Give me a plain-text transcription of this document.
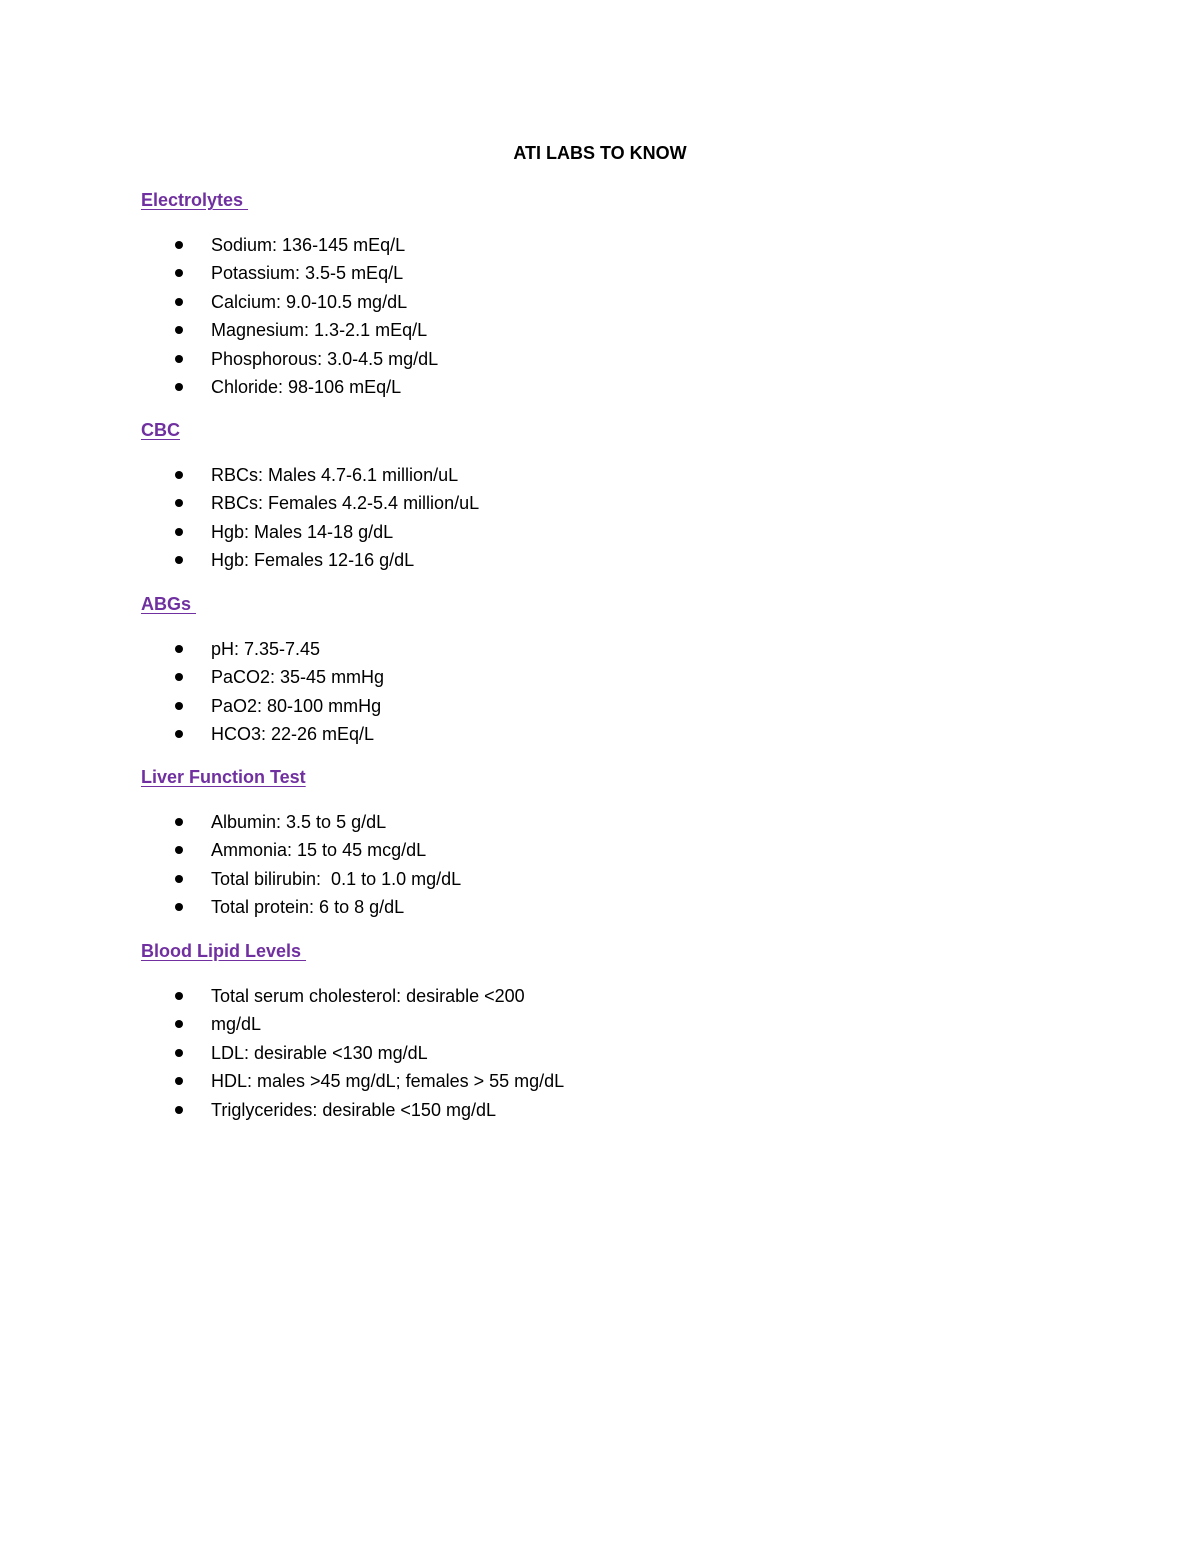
ATI LABS TO KNOW
Electrolytes
Sodium: 136-145 mEq/L
Potassium: 3.5-5 mEq/L
Calcium: 9.0-10.5 mg/dL
Magnesium: 1.3-2.1 mEq/L
Phosphorous: 3.0-4.5 mg/dL
Chloride: 98-106 mEq/L
CBC
RBCs: Males 4.7-6.1 million/uL
RBCs: Females 4.2-5.4 million/uL
Hgb: Males 14-18 g/dL
Hgb: Females 12-16 g/dL
ABGs
pH: 7.35-7.45
PaCO2: 35-45 mmHg
PaO2: 80-100 mmHg
HCO3: 22-26 mEq/L
Liver Function Test
Albumin: 3.5 to 5 g/dL
Ammonia: 15 to 45 mcg/dL
Total bilirubin:  0.1 to 1.0 mg/dL
Total protein: 6 to 8 g/dL
Blood Lipid Levels
Total serum cholesterol: desirable <200
mg/dL
LDL: desirable <130 mg/dL
HDL: males >45 mg/dL; females > 55 mg/dL
Triglycerides: desirable <150 mg/dL
